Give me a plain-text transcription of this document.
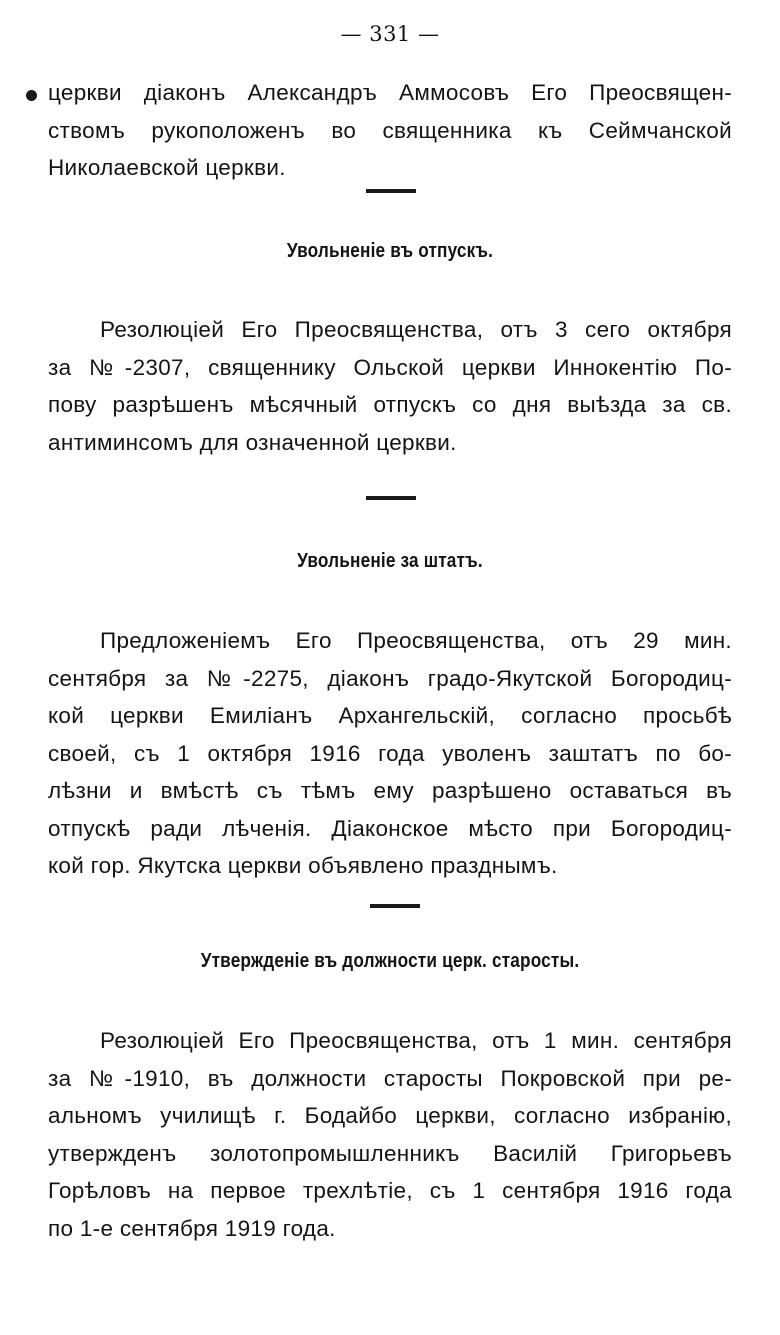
— 331 —
церкви діаконъ Александръ Аммосовъ Его Преосвящен-
ствомъ рукоположенъ во священника къ Сеймчанской
Николаевской церкви.
Увольненіе въ отпускъ.
Резолюціей Его Преосвященства, отъ 3 сего октября
за №-2307, священнику Ольской церкви Иннокентію По-
пову разрѣшенъ мѣсячный отпускъ со дня выѣзда за св.
антиминсомъ для означенной церкви.
Увольненіе за штатъ.
Предложеніемъ Его Преосвященства, отъ 29 мин.
сентября за №-2275, діаконъ градо-Якутской Богородиц-
кой церкви Емиліанъ Архангельскій, согласно просьбѣ
своей, съ 1 октября 1916 года уволенъ заштатъ по бо-
лѣзни и вмѣстѣ съ тѣмъ ему разрѣшено оставаться въ
отпускѣ ради лѣченія. Діаконское мѣсто при Богородиц-
кой гор. Якутска церкви объявлено празднымъ.
Утвержденіе въ должности церк. старосты.
Резолюціей Его Преосвященства, отъ 1 мин. сентября
за №-1910, въ должности старосты Покровской при ре-
альномъ училищѣ г. Бодайбо церкви, согласно избранію,
утвержденъ золотопромышленникъ Василій Григорьевъ
Горѣловъ на первое трехлѣтіе, съ 1 сентября 1916 года
по 1-е сентября 1919 года.
